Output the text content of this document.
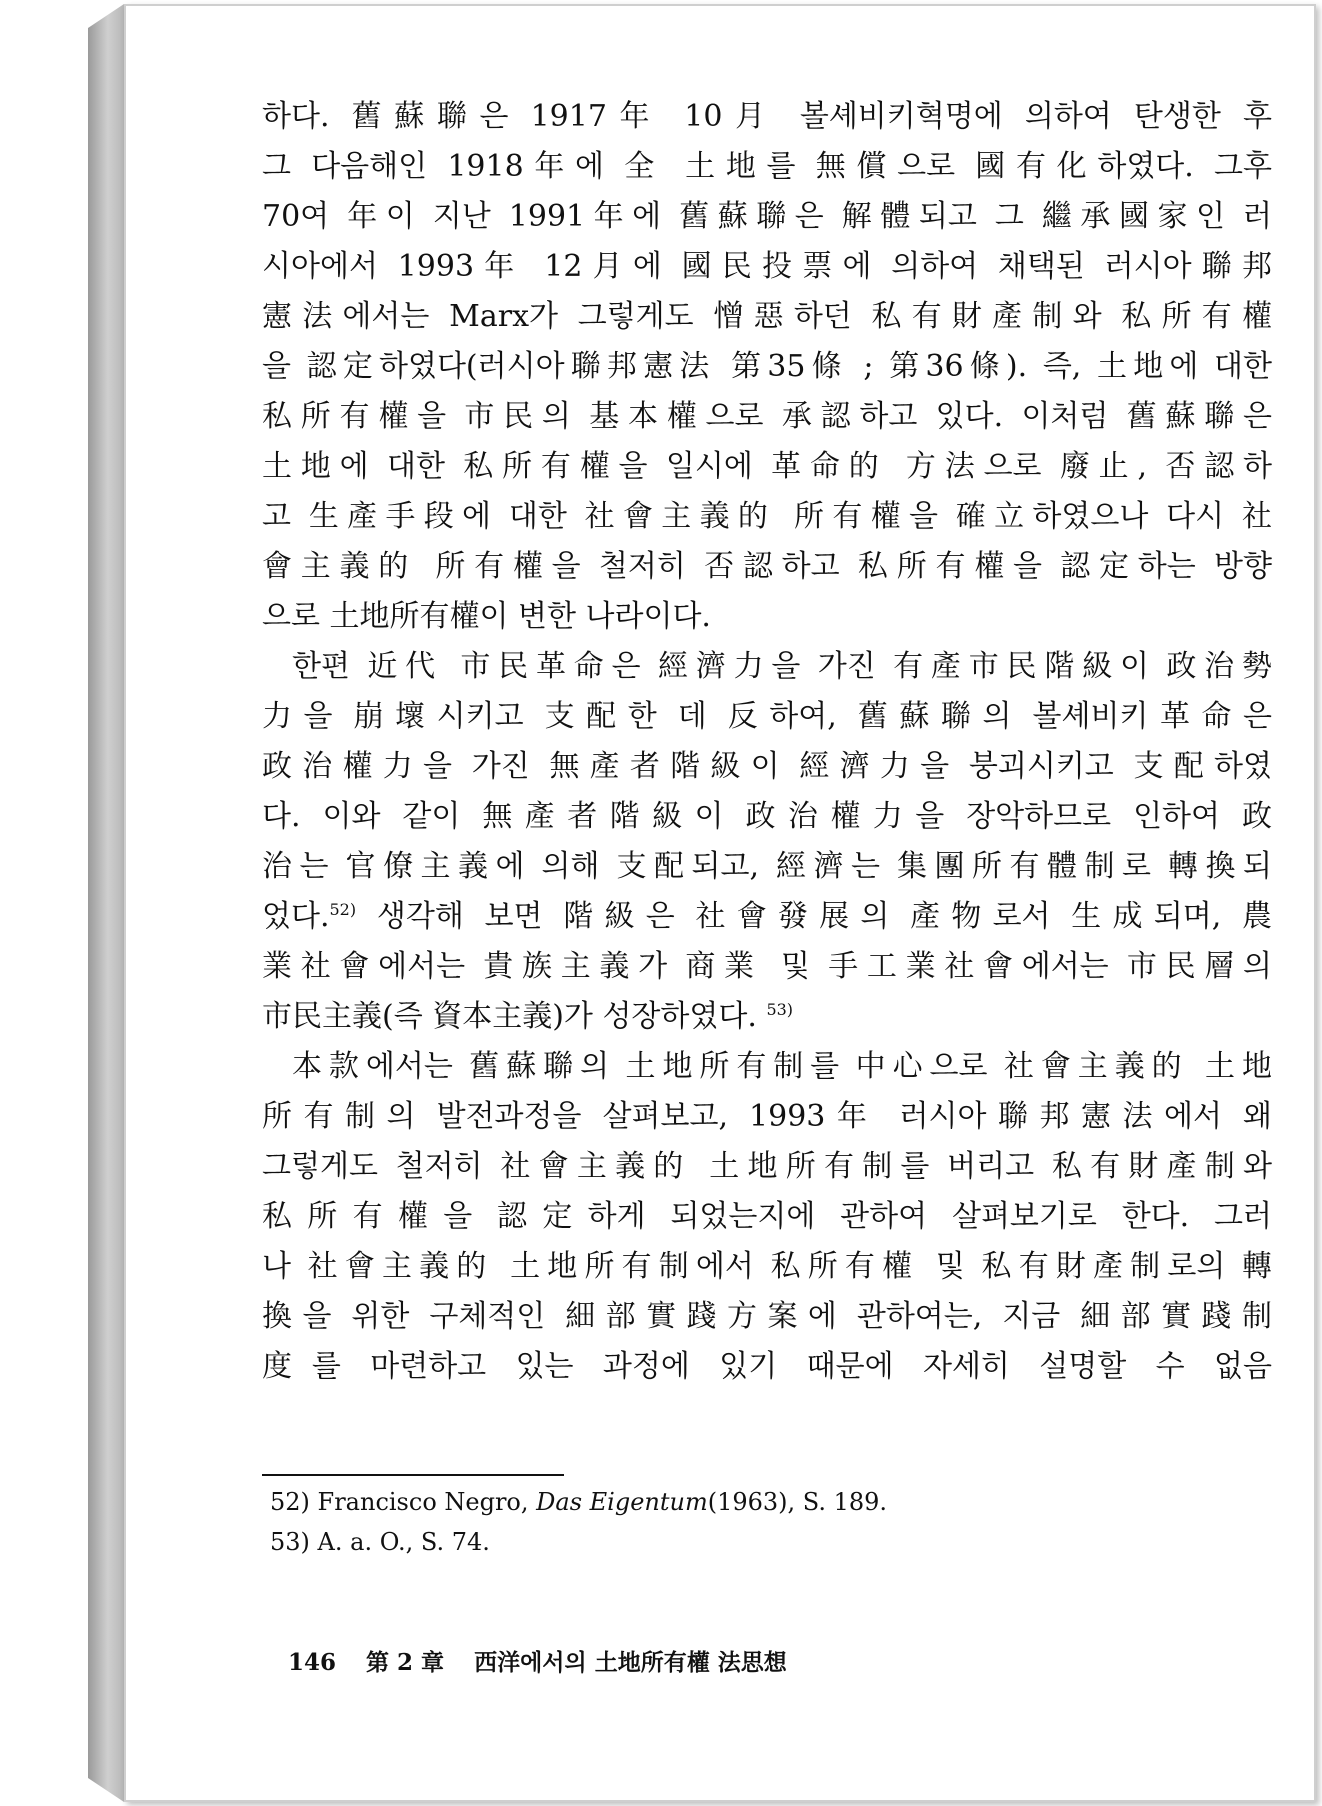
하다. 舊蘇聯은 1917年 10月 볼셰비키혁명에 의하여 탄생한 후
그 다음해인 1918年에 全 土地를 無償으로 國有化하였다. 그후
70여 年이 지난 1991年에 舊蘇聯은 解體되고 그 繼承國家인 러
시아에서 1993年 12月에 國民投票에 의하여 채택된 러시아聯邦
憲法에서는 Marx가 그렇게도 憎惡하던 私有財產制와 私所有權
을 認定하였다(러시아聯邦憲法 第35條 ; 第36條). 즉, 土地에 대한
私所有權을 市民의 基本權으로 承認하고 있다. 이처럼 舊蘇聯은
土地에 대한 私所有權을 일시에 革命的 方法으로 廢止, 否認하
고 生產手段에 대한 社會主義的 所有權을 確立하였으나 다시 社
會主義的 所有權을 철저히 否認하고 私所有權을 認定하는 방향
으로 土地所有權이 변한 나라이다.

한편 近代 市民革命은 經濟力을 가진 有產市民階級이 政治勢
力을 崩壞시키고 支配한 데 反하여, 舊蘇聯의 볼셰비키革命은
政治權力을 가진 無產者階級이 經濟力을 붕괴시키고 支配하였
다. 이와 같이 無產者階級이 政治權力을 장악하므로 인하여 政
治는 官僚主義에 의해 支配되고, 經濟는 集團所有體制로 轉換되
었다.$^{52)}$ 생각해 보면 階級은 社會發展의 產物로서 生成되며, 農
業社會에서는 貴族主義가 商業 및 手工業社會에서는 市民層의
市民主義(즉 資本主義)가 성장하였다. $^{53)}$

本款에서는 舊蘇聯의 土地所有制를 中心으로 社會主義的 土地
所有制의 발전과정을 살펴보고, 1993年 러시아聯邦憲法에서 왜
그렇게도 철저히 社會主義的 土地所有制를 버리고 私有財產制와
私所有權을 認定하게 되었는지에 관하여 살펴보기로 한다. 그러
나 社會主義的 土地所有制에서 私所有權 및 私有財產制로의 轉
換을 위한 구체적인 細部實踐方案에 관하여는, 지금 細部實踐制
度를 마련하고 있는 과정에 있기 때문에 자세히 설명할 수 없음

52) Francisco Negro, Das Eigentum(1963), S. 189.
53) A. a. O., S. 74.
146 第 2 章 西洋에서의 土地所有權 法思想
